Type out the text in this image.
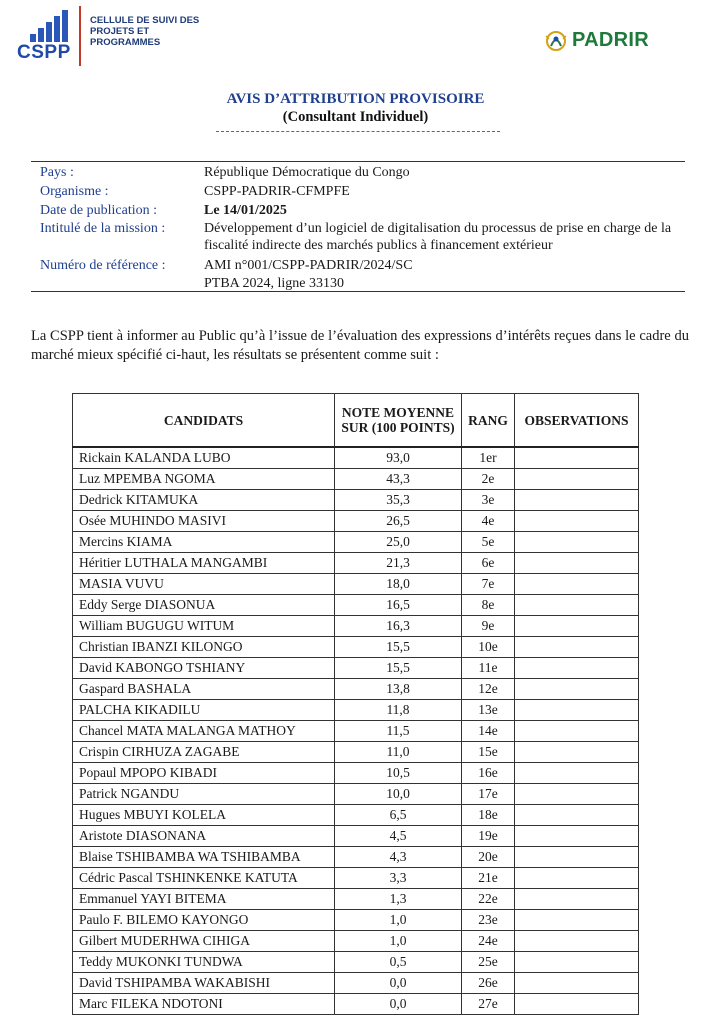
CSPP
CELLULE DE SUIVI DES PROJETS ET PROGRAMMES	PADRIR
AVIS D’ATTRIBUTION PROVISOIRE
(Consultant Individuel)
Pays :	République Démocratique du Congo
Organisme :	CSPP-PADRIR-CFMPFE
Date de publication :	Le 14/01/2025
Intitulé de la mission :	Développement d’un logiciel de digitalisation du processus de prise en charge de la fiscalité indirecte des marchés publics à financement extérieur
Numéro de référence :	AMI n°001/CSPP-PADRIR/2024/SC
PTBA 2024, ligne 33130
La CSPP tient à informer au Public qu’à l’issue de l’évaluation des expressions d’intérêts reçues dans le cadre du marché mieux spécifié ci-haut, les résultats se présentent comme suit :
CANDIDATS	NOTE MOYENNE SUR (100 POINTS)	RANG	OBSERVATIONS
Rickain KALANDA LUBO	93,0	1er	
Luz MPEMBA NGOMA	43,3	2e	
Dedrick KITAMUKA	35,3	3e	
Osée MUHINDO MASIVI	26,5	4e	
Mercins KIAMA	25,0	5e	
Héritier LUTHALA MANGAMBI	21,3	6e	
MASIA VUVU	18,0	7e	
Eddy Serge DIASONUA	16,5	8e	
William BUGUGU WITUM	16,3	9e	
Christian IBANZI KILONGO	15,5	10e	
David KABONGO TSHIANY	15,5	11e	
Gaspard BASHALA	13,8	12e	
PALCHA KIKADILU	11,8	13e	
Chancel MATA MALANGA MATHOY	11,5	14e	
Crispin CIRHUZA ZAGABE	11,0	15e	
Popaul MPOPO KIBADI	10,5	16e	
Patrick NGANDU	10,0	17e	
Hugues MBUYI KOLELA	6,5	18e	
Aristote DIASONANA	4,5	19e	
Blaise TSHIBAMBA WA TSHIBAMBA	4,3	20e	
Cédric Pascal TSHINKENKE KATUTA	3,3	21e	
Emmanuel YAYI BITEMA	1,3	22e	
Paulo F. BILEMO KAYONGO	1,0	23e	
Gilbert MUDERHWA CIHIGA	1,0	24e	
Teddy MUKONKI TUNDWA	0,5	25e	
David TSHIPAMBA WAKABISHI	0,0	26e	
Marc FILEKA NDOTONI	0,0	27e	
